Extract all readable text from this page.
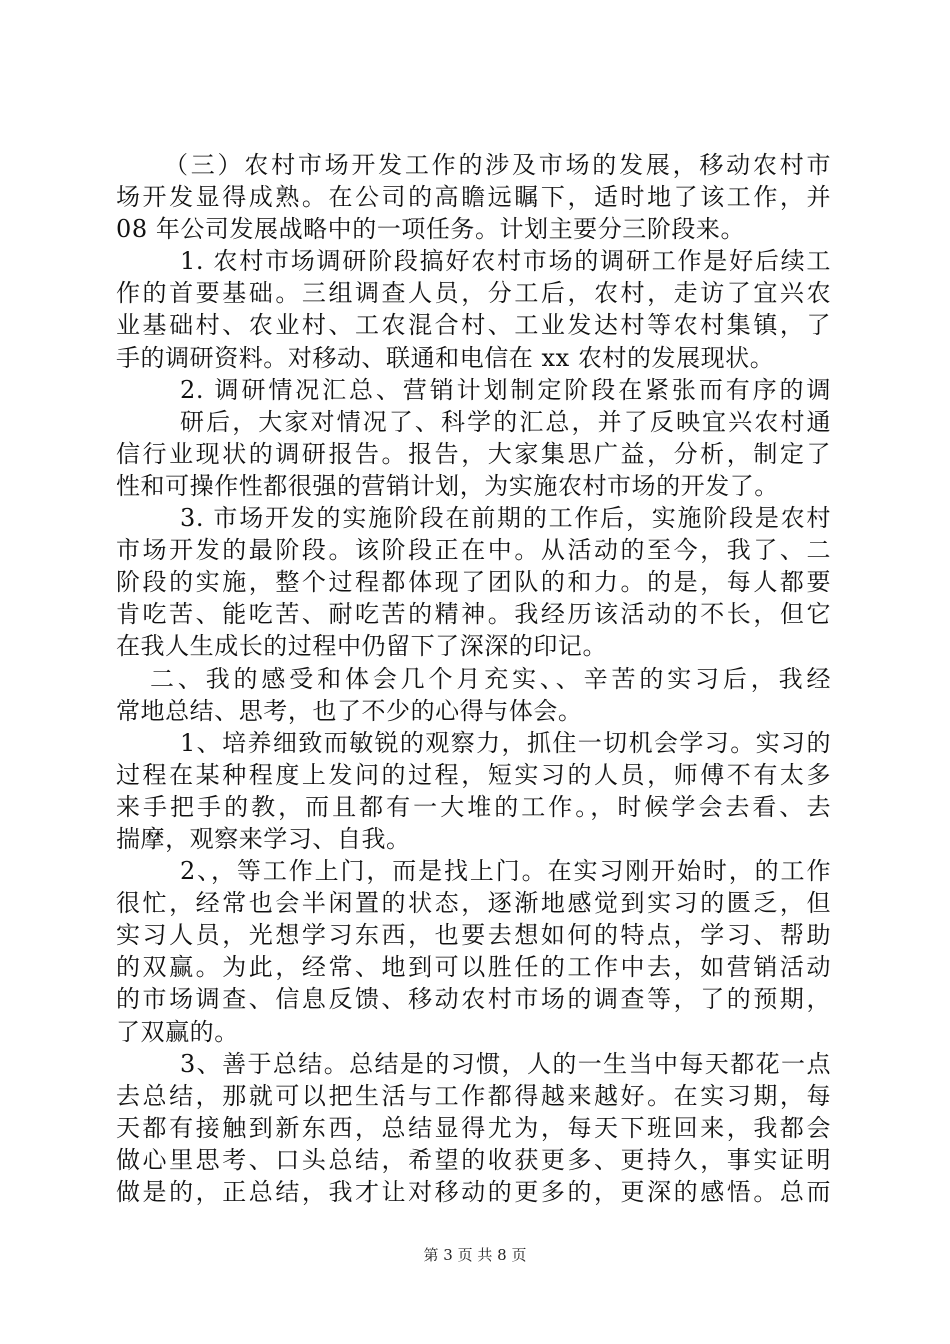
（三）农村市场开发工作的涉及市场的发展，移动农村市
场开发显得成熟。在公司的高瞻远瞩下，适时地了该工作，并
08 年公司发展战略中的一项任务。计划主要分三阶段来。
1. 农村市场调研阶段搞好农村市场的调研工作是好后续工
作的首要基础。三组调查人员，分工后，农村，走访了宜兴农
业基础村、农业村、工农混合村、工业发达村等农村集镇，了
手的调研资料。对移动、联通和电信在 xx 农村的发展现状。
2. 调研情况汇总、营销计划制定阶段在紧张而有序的调
研后，大家对情况了、科学的汇总，并了反映宜兴农村通
信行业现状的调研报告。报告，大家集思广益，分析，制定了
性和可操作性都很强的营销计划，为实施农村市场的开发了。
3. 市场开发的实施阶段在前期的工作后，实施阶段是农村
市场开发的最阶段。该阶段正在中。从活动的至今，我了、二
阶段的实施，整个过程都体现了团队的和力。的是，每人都要
肯吃苦、能吃苦、耐吃苦的精神。我经历该活动的不长，但它
在我人生成长的过程中仍留下了深深的印记。
二、我的感受和体会几个月充实、、辛苦的实习后，我经
常地总结、思考，也了不少的心得与体会。
1、培养细致而敏锐的观察力，抓住一切机会学习。实习的
过程在某种程度上发问的过程，短实习的人员，师傅不有太多
来手把手的教，而且都有一大堆的工作。，时候学会去看、去
揣摩，观察来学习、自我。
2、，等工作上门，而是找上门。在实习刚开始时，的工作
很忙，经常也会半闲置的状态，逐渐地感觉到实习的匮乏，但
实习人员，光想学习东西，也要去想如何的特点，学习、帮助
的双赢。为此，经常、地到可以胜任的工作中去，如营销活动
的市场调查、信息反馈、移动农村市场的调查等，了的预期，
了双赢的。
3、善于总结。总结是的习惯，人的一生当中每天都花一点
去总结，那就可以把生活与工作都得越来越好。在实习期，每
天都有接触到新东西，总结显得尤为，每天下班回来，我都会
做心里思考、口头总结，希望的收获更多、更持久，事实证明
做是的，正总结，我才让对移动的更多的，更深的感悟。总而
第 3 页 共 8 页
